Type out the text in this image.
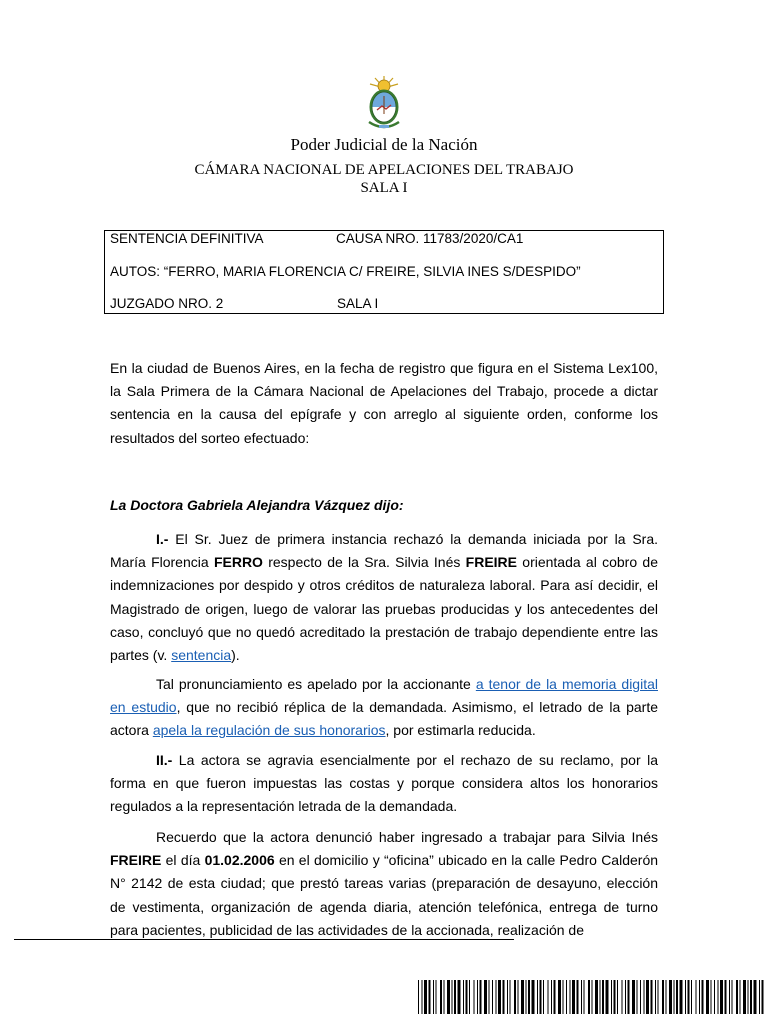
Poder Judicial de la Nación
CÁMARA NACIONAL DE APELACIONES DEL TRABAJO
SALA I
SENTENCIA DEFINITIVA	CAUSA NRO. 11783/2020/CA1
AUTOS: “FERRO, MARIA FLORENCIA C/ FREIRE, SILVIA INES S/DESPIDO”
JUZGADO NRO. 2	SALA I

En la ciudad de Buenos Aires, en la fecha de registro que figura en el Sistema Lex100, la Sala Primera de la Cámara Nacional de Apelaciones del Trabajo, procede a dictar sentencia en la causa del epígrafe y con arreglo al siguiente orden, conforme los resultados del sorteo efectuado:

La Doctora Gabriela Alejandra Vázquez dijo:

I.- El Sr. Juez de primera instancia rechazó la demanda iniciada por la Sra. María Florencia FERRO respecto de la Sra. Silvia Inés FREIRE orientada al cobro de indemnizaciones por despido y otros créditos de naturaleza laboral. Para así decidir, el Magistrado de origen, luego de valorar las pruebas producidas y los antecedentes del caso, concluyó que no quedó acreditado la prestación de trabajo dependiente entre las partes (v. sentencia).

Tal pronunciamiento es apelado por la accionante a tenor de la memoria digital en estudio, que no recibió réplica de la demandada. Asimismo, el letrado de la parte actora apela la regulación de sus honorarios, por estimarla reducida.

II.- La actora se agravia esencialmente por el rechazo de su reclamo, por la forma en que fueron impuestas las costas y porque considera altos los honorarios regulados a la representación letrada de la demandada.

Recuerdo que la actora denunció haber ingresado a trabajar para Silvia Inés FREIRE el día 01.02.2006 en el domicilio y “oficina” ubicado en la calle Pedro Calderón N° 2142 de esta ciudad; que prestó tareas varias (preparación de desayuno, elección de vestimenta, organización de agenda diaria, atención telefónica, entrega de turno para pacientes, publicidad de las actividades de la accionada, realización de
